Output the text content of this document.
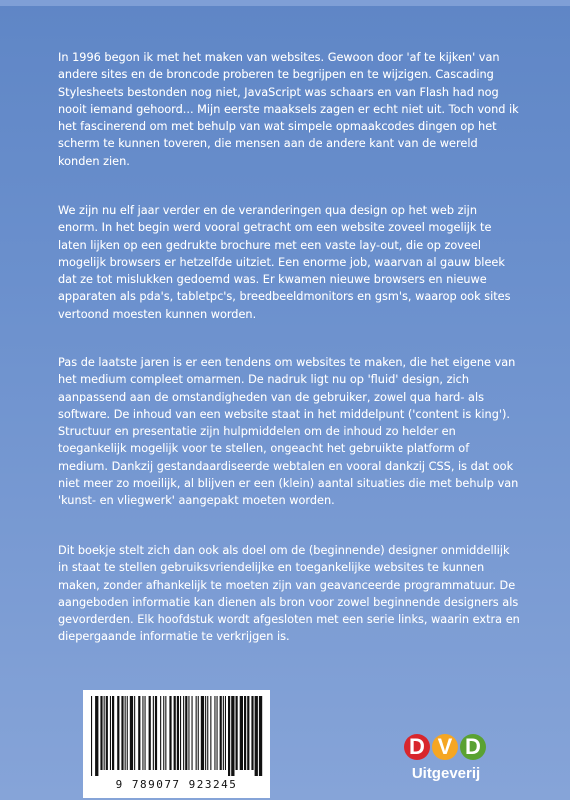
In 1996 begon ik met het maken van websites. Gewoon door 'af te kijken' van andere sites en de broncode proberen te begrijpen en te wijzigen. Cascading Stylesheets bestonden nog niet, JavaScript was schaars en van Flash had nog nooit iemand gehoord... Mijn eerste maaksels zagen er echt niet uit. Toch vond ik het fascinerend om met behulp van wat simpele opmaakcodes dingen op het scherm te kunnen toveren, die mensen aan de andere kant van de wereld konden zien.

We zijn nu elf jaar verder en de veranderingen qua design op het web zijn enorm. In het begin werd vooral getracht om een website zoveel mogelijk te laten lijken op een gedrukte brochure met een vaste lay-out, die op zoveel mogelijk browsers er hetzelfde uitziet. Een enorme job, waarvan al gauw bleek dat ze tot mislukken gedoemd was. Er kwamen nieuwe browsers en nieuwe apparaten als pda's, tabletpc's, breedbeeldmonitors en gsm's, waarop ook sites vertoond moesten kunnen worden.

Pas de laatste jaren is er een tendens om websites te maken, die het eigene van het medium compleet omarmen. De nadruk ligt nu op 'fluid' design, zich aanpassend aan de omstandigheden van de gebruiker, zowel qua hard- als software. De inhoud van een website staat in het middelpunt ('content is king'). Structuur en presentatie zijn hulpmiddelen om de inhoud zo helder en toegankelijk mogelijk voor te stellen, ongeacht het gebruikte platform of medium. Dankzij gestandaardiseerde webtalen en vooral dankzij CSS, is dat ook niet meer zo moeilijk, al blijven er een (klein) aantal situaties die met behulp van 'kunst- en vliegwerk' aangepakt moeten worden.

Dit boekje stelt zich dan ook als doel om de (beginnende) designer onmiddellijk in staat te stellen gebruiksvriendelijke en toegankelijke websites te kunnen maken, zonder afhankelijk te moeten zijn van geavanceerde programmatuur. De aangeboden informatie kan dienen als bron voor zowel beginnende designers als gevorderden. Elk hoofdstuk wordt afgesloten met een serie links, waarin extra en diepergaande informatie te verkrijgen is.

9 789077 923245
D V D
Uitgeverij
